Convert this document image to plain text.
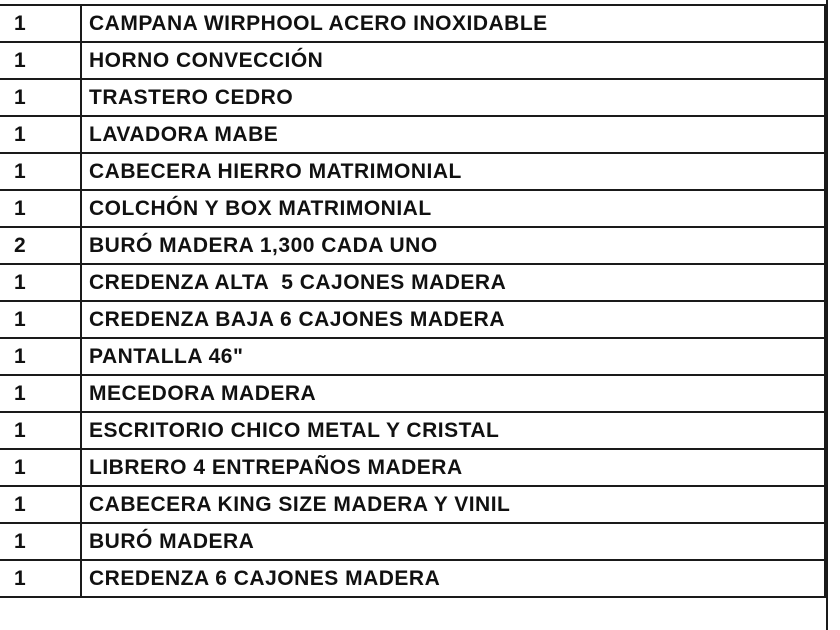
1	CAMPANA WIRPHOOL ACERO INOXIDABLE
1	HORNO CONVECCIÓN
1	TRASTERO CEDRO
1	LAVADORA MABE
1	CABECERA HIERRO MATRIMONIAL
1	COLCHÓN Y BOX MATRIMONIAL
2	BURÓ MADERA 1,300 CADA UNO
1	CREDENZA ALTA  5 CAJONES MADERA
1	CREDENZA BAJA 6 CAJONES MADERA
1	PANTALLA 46"
1	MECEDORA MADERA
1	ESCRITORIO CHICO METAL Y CRISTAL
1	LIBRERO 4 ENTREPAÑOS MADERA
1	CABECERA KING SIZE MADERA Y VINIL
1	BURÓ MADERA
1	CREDENZA 6 CAJONES MADERA
